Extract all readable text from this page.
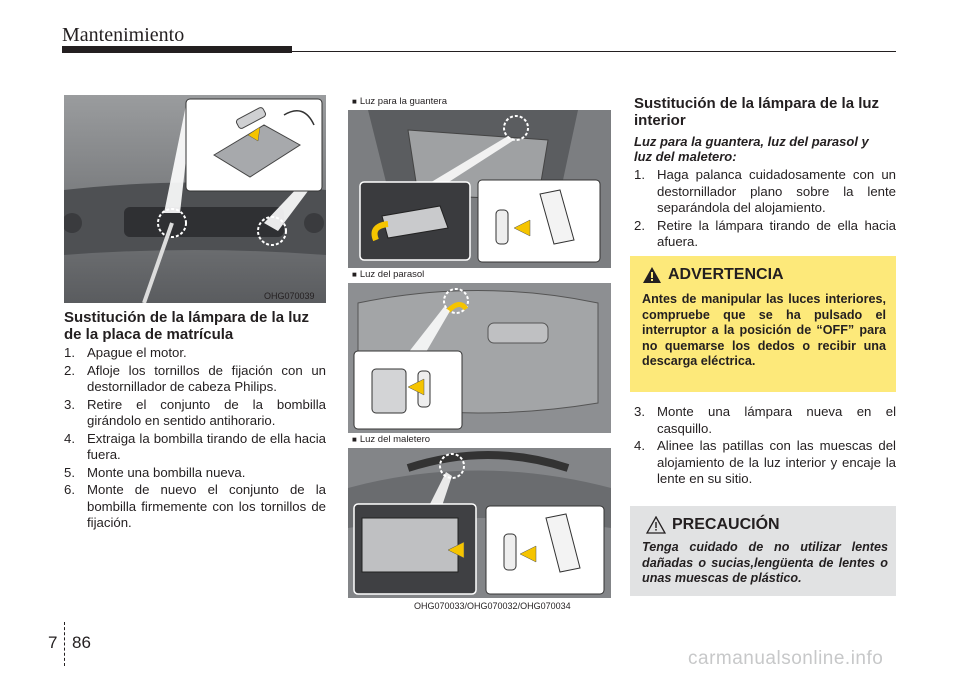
Mantenimiento
OHG070039
Sustitución de la lámpara de la luz de la placa de matrícula
1. Apague el motor.
2. Afloje los tornillos de fijación con un destornillador de cabeza Philips.
3. Retire el conjunto de la bombilla girándolo en sentido antihorario.
4. Extraiga la bombilla tirando de ella hacia fuera.
5. Monte una bombilla nueva.
6. Monte de nuevo el conjunto de la bombilla firmemente con los tornillos de fijación.
■ Luz para la guantera
■ Luz del parasol
■ Luz del maletero
OHG070033/OHG070032/OHG070034
Sustitución de la lámpara de la luz interior
Luz para la guantera, luz del parasol y luz del maletero:
1. Haga palanca cuidadosamente con un destornillador plano sobre la lente separándola del alojamiento.
2. Retire la lámpara tirando de ella hacia afuera.
ADVERTENCIA
Antes de manipular las luces interiores, compruebe que se ha pulsado el interruptor a la posición de “OFF” para no quemarse los dedos o recibir una descarga eléctrica.
3. Monte una lámpara nueva en el casquillo.
4. Alinee las patillas con las muescas del alojamiento de la luz interior y encaje la lente en su sitio.
PRECAUCIÓN
Tenga cuidado de no utilizar lentes dañadas o sucias,lengüenta de lentes o unas muescas de plástico.
7 86
carmanualsonline.info
